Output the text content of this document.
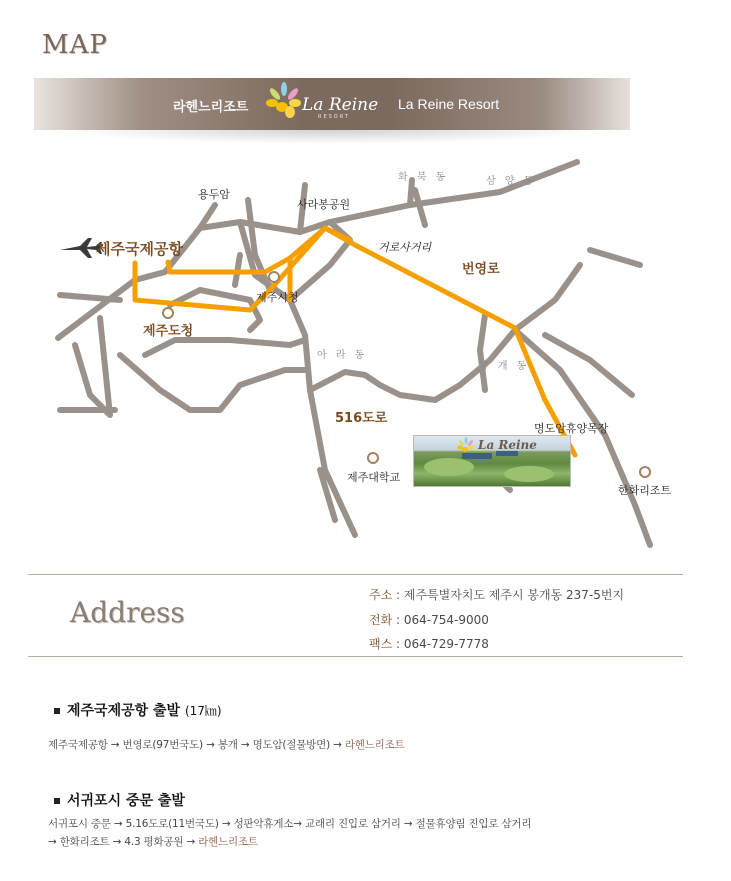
MAP
라헨느리조트	La Reine
RESORT
La Reine Resort
용두암
사라봉공원
화 북 동	삼 양 동
거로사거리
제주국제공항
제주시청
번영로
제주도청
아 라 동
봉 개 동
516도로
명도암휴양목장
제주대학교
한화리조트
La Reine
Address
주소 : 제주특별자치도 제주시 봉개동 237-5번지
전화 : 064-754-9000
팩스 : 064-729-7778
제주국제공항 출발 (17㎞)
제주국제공항 → 번영로(97번국도) → 봉개 → 명도암(절물방면) → 라헨느리조트
서귀포시 중문 출발
서귀포시 중문 → 5.16도로(11번국도) → 성판악휴게소→ 교래리 진입로 삼거리 → 절물휴양림 진입로 삼거리
→ 한화리조트 → 4.3 평화공원 → 라헨느리조트
